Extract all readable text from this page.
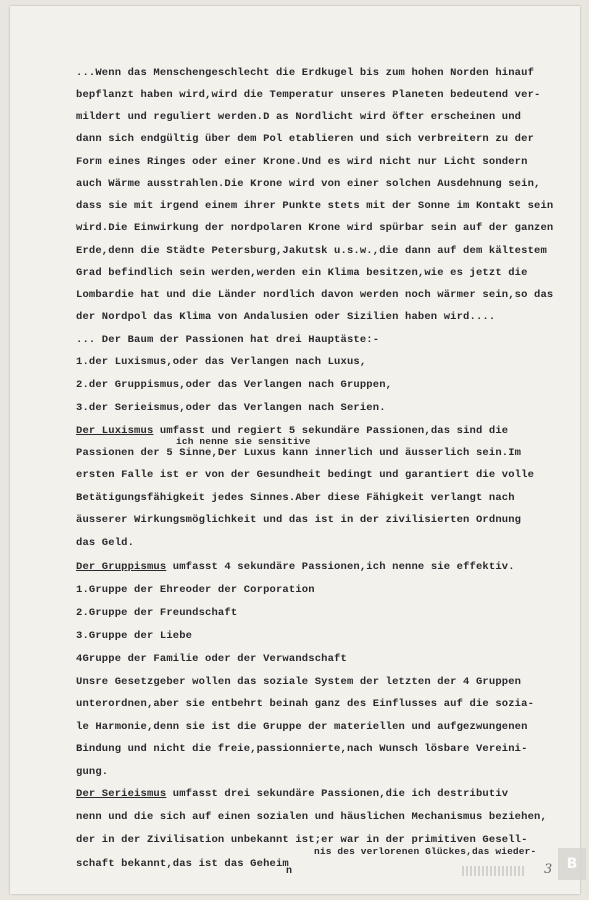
...Wenn das Menschengeschlecht die Erdkugel bis zum hohen Norden hinauf
bepflanzt haben wird,wird die Temperatur unseres Planeten bedeutend ver-
mildert und reguliert werden.D as Nordlicht wird öfter erscheinen und
dann sich endgültig über dem Pol etablieren und sich verbreitern zu der
Form eines Ringes oder einer Krone.Und es wird nicht nur Licht sondern
auch Wärme ausstrahlen.Die Krone wird von einer solchen Ausdehnung sein,
dass sie mit irgend einem ihrer Punkte stets mit der Sonne im Kontakt sein
wird.Die Einwirkung der nordpolaren Krone wird spürbar sein auf der ganzen
Erde,denn die Städte Petersburg,Jakutsk u.s.w.,die dann auf dem kältestem
Grad befindlich sein werden,werden ein Klima besitzen,wie es jetzt die
Lombardie hat und die Länder nordlich davon werden noch wärmer sein,so das
der Nordpol das Klima von Andalusien oder Sizilien haben wird....
... Der Baum der Passionen hat drei Hauptäste:-
1.der Luxismus,oder das Verlangen nach Luxus,
2.der Gruppismus,oder das Verlangen nach Gruppen,
3.der Serieismus,oder das Verlangen nach Serien.
Der Luxismus umfasst und regiert 5 sekundäre Passionen,das sind die
ich nenne sie sensitive
Passionen der 5 Sinne,Der Luxus kann innerlich und äusserlich sein.Im
ersten Falle ist er von der Gesundheit bedingt und garantiert die volle
Betätigungsfähigkeit jedes Sinnes.Aber diese Fähigkeit verlangt nach
äusserer Wirkungsmöglichkeit und das ist in der zivilisierten Ordnung
das Geld.
Der Gruppismus umfasst 4 sekundäre Passionen,ich nenne sie effektiv.
1.Gruppe der Ehreoder der Corporation
2.Gruppe der Freundschaft
3.Gruppe der Liebe
4Gruppe der Familie oder der Verwandschaft
Unsre Gesetzgeber wollen das soziale System der letzten der 4 Gruppen
unterordnen,aber sie entbehrt beinah ganz des Einflusses auf die sozia-
le Harmonie,denn sie ist die Gruppe der materiellen und aufgezwungenen
Bindung und nicht die freie,passionnierte,nach Wunsch lösbare Vereini-
gung.
Der Serieismus umfasst drei sekundäre Passionen,die ich destributiv
nenn und die sich auf einen sozialen und häuslichen Mechanismus beziehen,
der in der Zivilisation unbekannt ist;er war in der primitiven Gesell-
nis des verlorenen Glückes,das wieder-
schaft bekannt,das ist das Geheim
n	3	B
